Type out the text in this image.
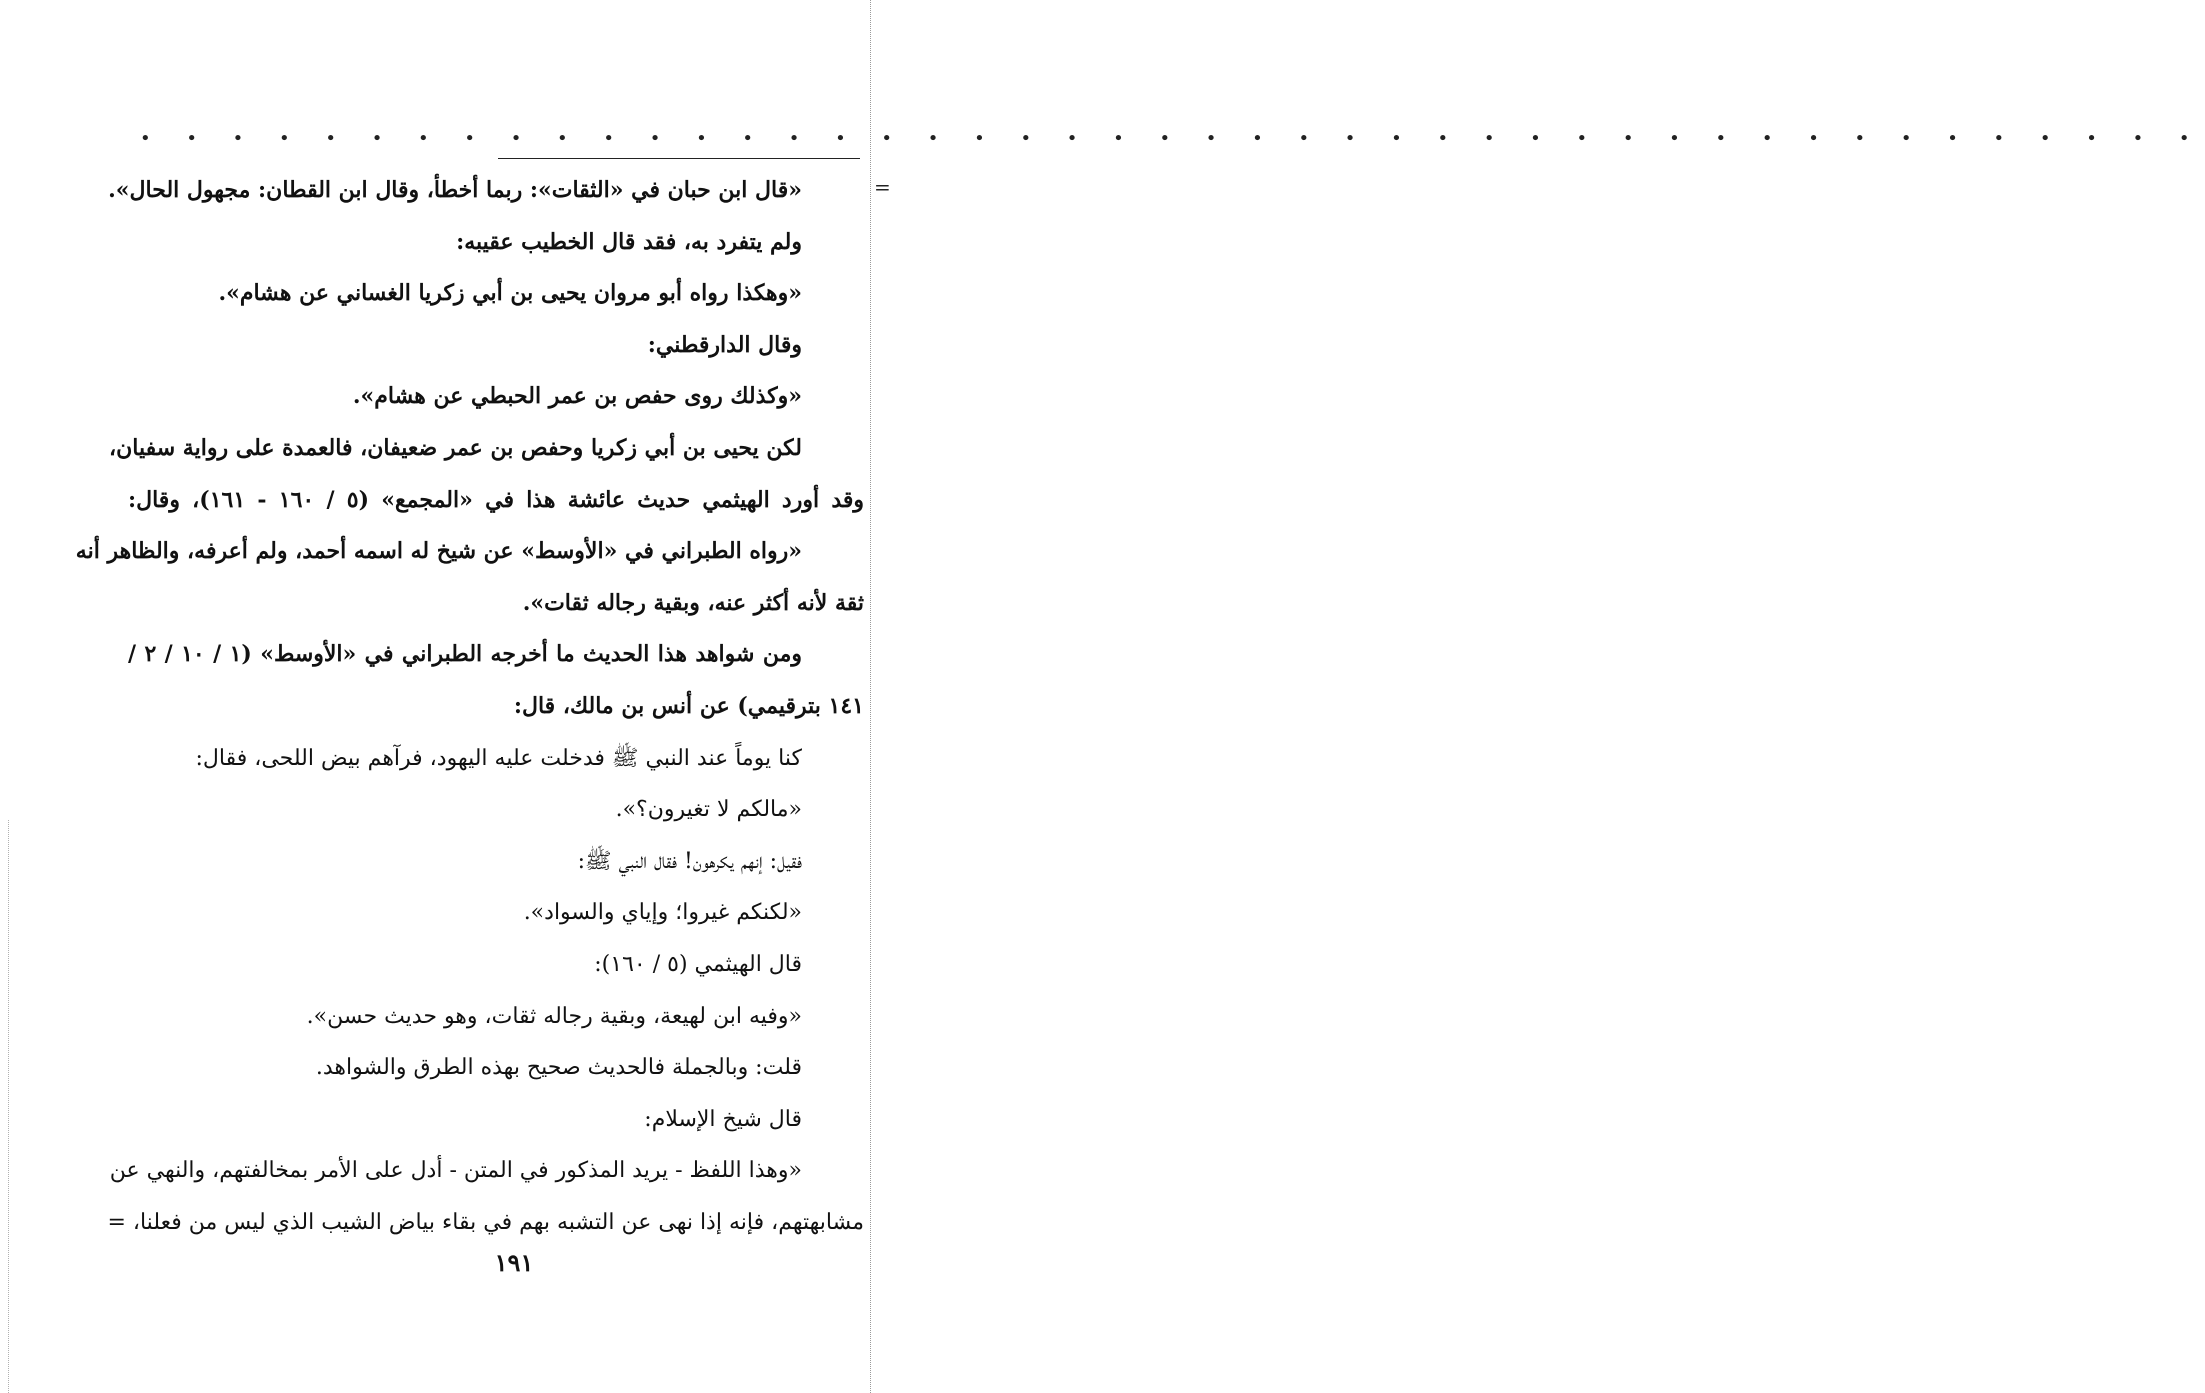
• • • • • • • • • • • • • • • • • • • • • • • • • • • • • • • • • • • • • • • • • • • • •
=
«قال ابن حبان في «الثقات»: ربما أخطأ، وقال ابن القطان: مجهول الحال».
ولم يتفرد به، فقد قال الخطيب عقيبه:
«وهكذا رواه أبو مروان يحيى بن أبي زكريا الغساني عن هشام».
وقال الدارقطني:
«وكذلك روى حفص بن عمر الحبطي عن هشام».
لكن يحيى بن أبي زكريا وحفص بن عمر ضعيفان، فالعمدة على رواية سفيان،
وقد أورد الهيثمي حديث عائشة هذا في «المجمع» (٥ / ١٦٠ - ١٦١)، وقال:
«رواه الطبراني في «الأوسط» عن شيخ له اسمه أحمد، ولم أعرفه، والظاهر أنه
ثقة لأنه أكثر عنه، وبقية رجاله ثقات».
ومن شواهد هذا الحديث ما أخرجه الطبراني في «الأوسط» (١ / ١٠ / ٢ /
١٤١ بترقيمي) عن أنس بن مالك، قال:
كنا يوماً عند النبي ﷺ فدخلت عليه اليهود، فرآهم بيض اللحى، فقال:
«مالكم لا تغيرون؟».
فقيل: إنهم يكرهون! فقال النبي ﷺ:
«لكنكم غيروا؛ وإياي والسواد».
قال الهيثمي (٥ / ١٦٠):
«وفيه ابن لهيعة، وبقية رجاله ثقات، وهو حديث حسن».
قلت: وبالجملة فالحديث صحيح بهذه الطرق والشواهد.
قال شيخ الإسلام:
«وهذا اللفظ - يريد المذكور في المتن - أدل على الأمر بمخالفتهم، والنهي عن
مشابهتهم، فإنه إذا نهى عن التشبه بهم في بقاء بياض الشيب الذي ليس من فعلنا، =
١٩١
